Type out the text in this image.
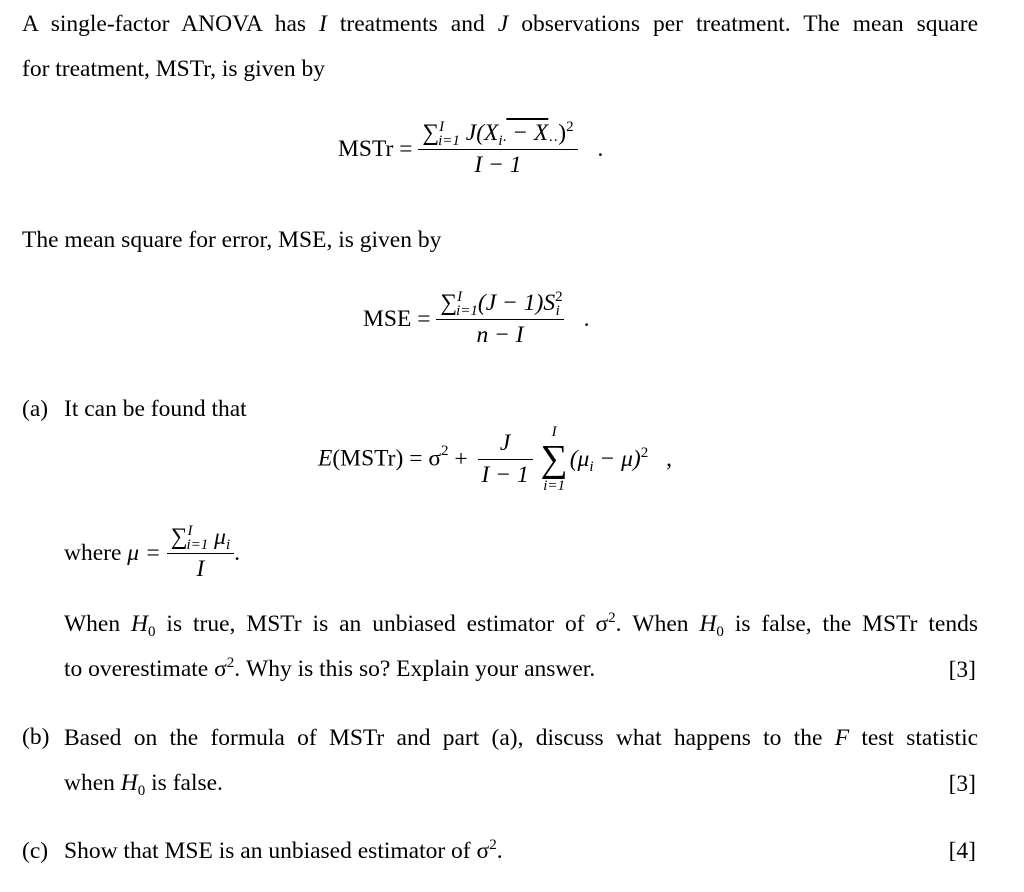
A single-factor ANOVA has I treatments and J observations per treatment. The mean square
for treatment, MSTr, is given by
MSTr = $\frac{\sum^I_{i=1} J(X_{i\cdot} - X_{\cdot\cdot})^2}{I - 1}$ .
The mean square for error, MSE, is given by
MSE = $\frac{\sum^I_{i=1}(J - 1)S^2_i}{n - I}$ .
(a) It can be found that
E(MSTr) = $\sigma^2 + \frac{J}{I - 1}$
	I
∑
i=1
$(\mu_i - \mu)^2$ ,
where $\mu = \frac{\sum^I_{i=1} \mu_i}{I}$ .
When $H_0$ is true, MSTr is an unbiased estimator of $\sigma^2$. When $H_0$ is false, the MSTr tends
to overestimate $\sigma^2$. Why is this so? Explain your answer.	[3]
(b) Based on the formula of MSTr and part (a), discuss what happens to the F test statistic
when $H_0$ is false.	[3]
(c) Show that MSE is an unbiased estimator of $\sigma^2$.	[4]
